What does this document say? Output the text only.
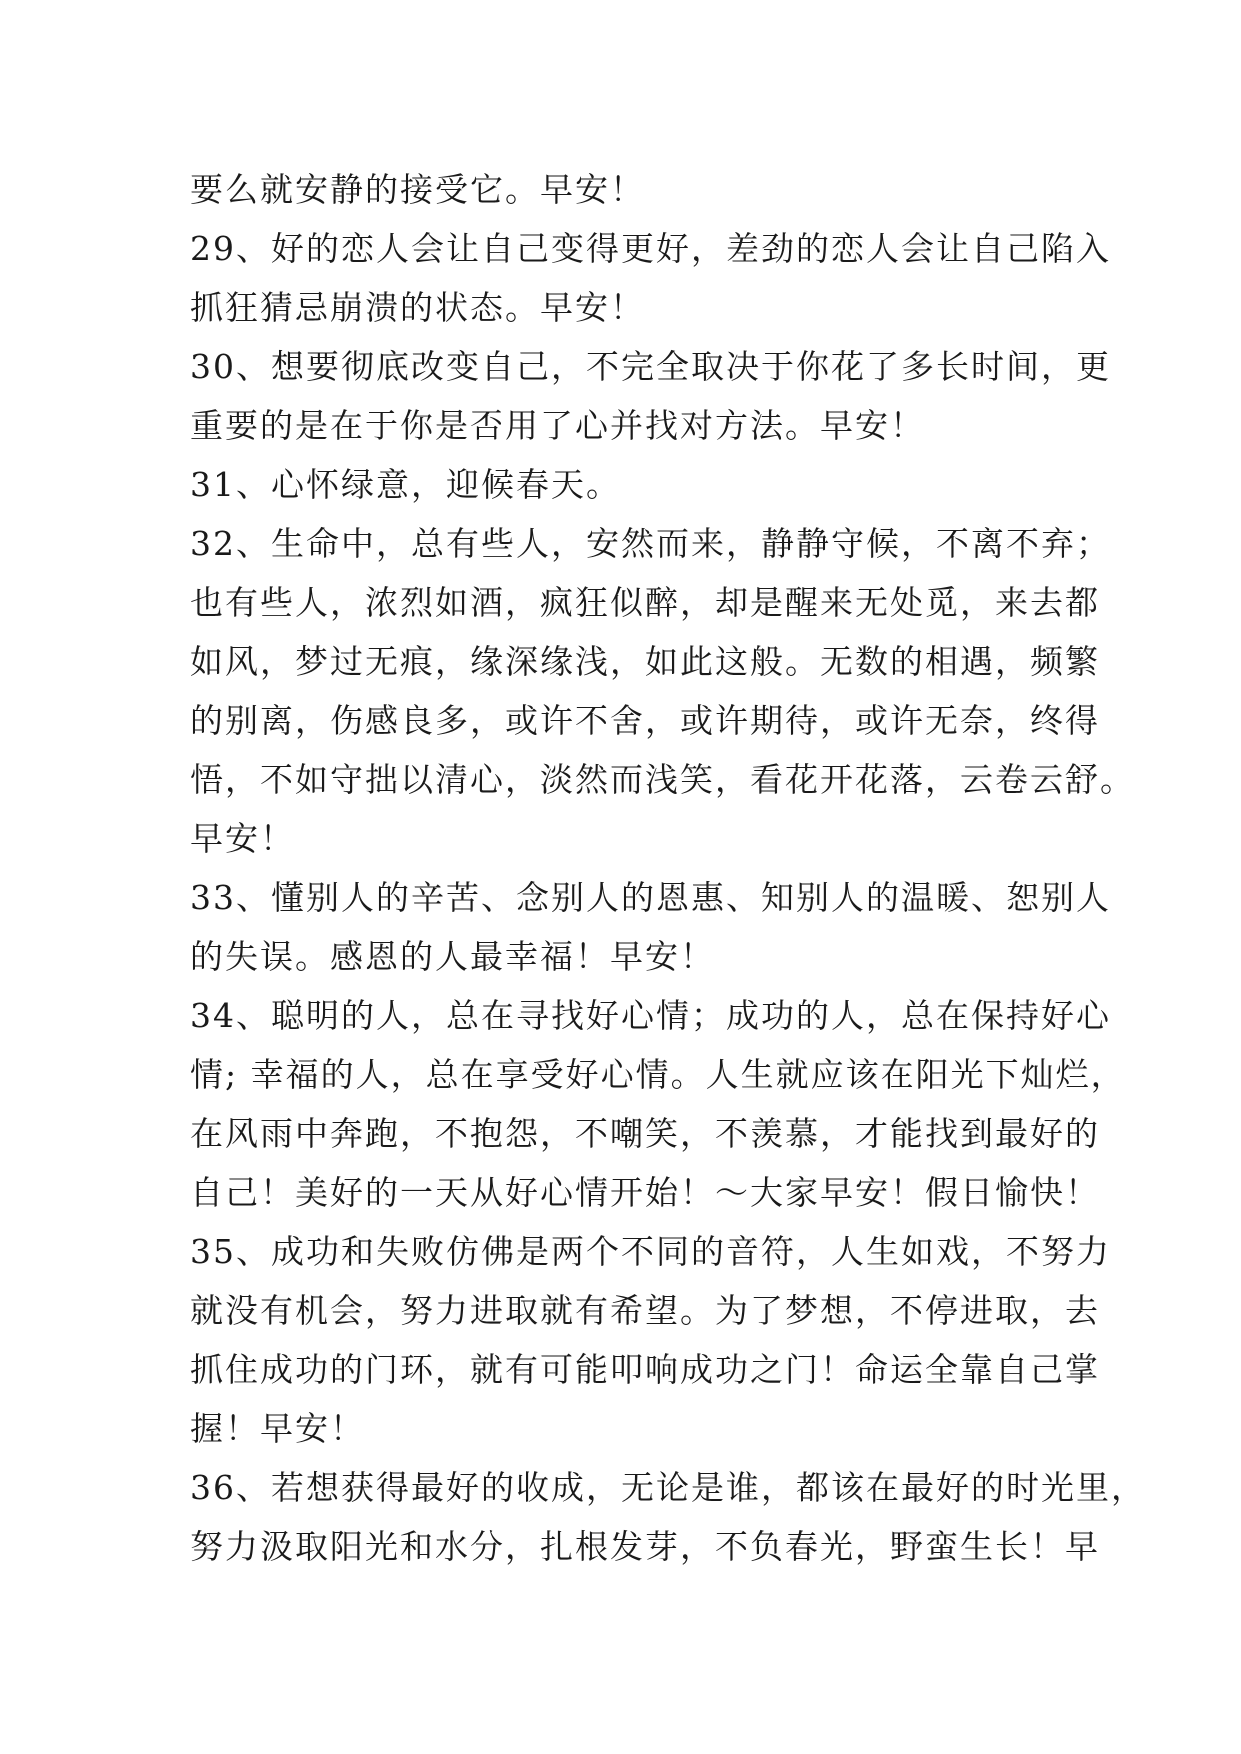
要么就安静的接受它。早安！
29、好的恋人会让自己变得更好，差劲的恋人会让自己陷入
抓狂猜忌崩溃的状态。早安！
30、想要彻底改变自己，不完全取决于你花了多长时间，更
重要的是在于你是否用了心并找对方法。早安！
31、心怀绿意，迎候春天。
32、生命中，总有些人，安然而来，静静守候，不离不弃；
也有些人，浓烈如酒，疯狂似醉，却是醒来无处觅，来去都
如风，梦过无痕，缘深缘浅，如此这般。无数的相遇，频繁
的别离，伤感良多，或许不舍，或许期待，或许无奈，终得
悟，不如守拙以清心，淡然而浅笑，看花开花落，云卷云舒。
早安！
33、懂别人的辛苦、念别人的恩惠、知别人的温暖、恕别人
的失误。感恩的人最幸福！早安！
34、聪明的人，总在寻找好心情；成功的人，总在保持好心
情; 幸福的人，总在享受好心情。人生就应该在阳光下灿烂，
在风雨中奔跑，不抱怨，不嘲笑，不羡慕，才能找到最好的
自己！美好的一天从好心情开始！～大家早安！假日愉快！
35、成功和失败仿佛是两个不同的音符，人生如戏，不努力
就没有机会，努力进取就有希望。为了梦想，不停进取，去
抓住成功的门环，就有可能叩响成功之门！命运全靠自己掌
握！早安！
36、若想获得最好的收成，无论是谁，都该在最好的时光里，
努力汲取阳光和水分，扎根发芽，不负春光，野蛮生长！早
